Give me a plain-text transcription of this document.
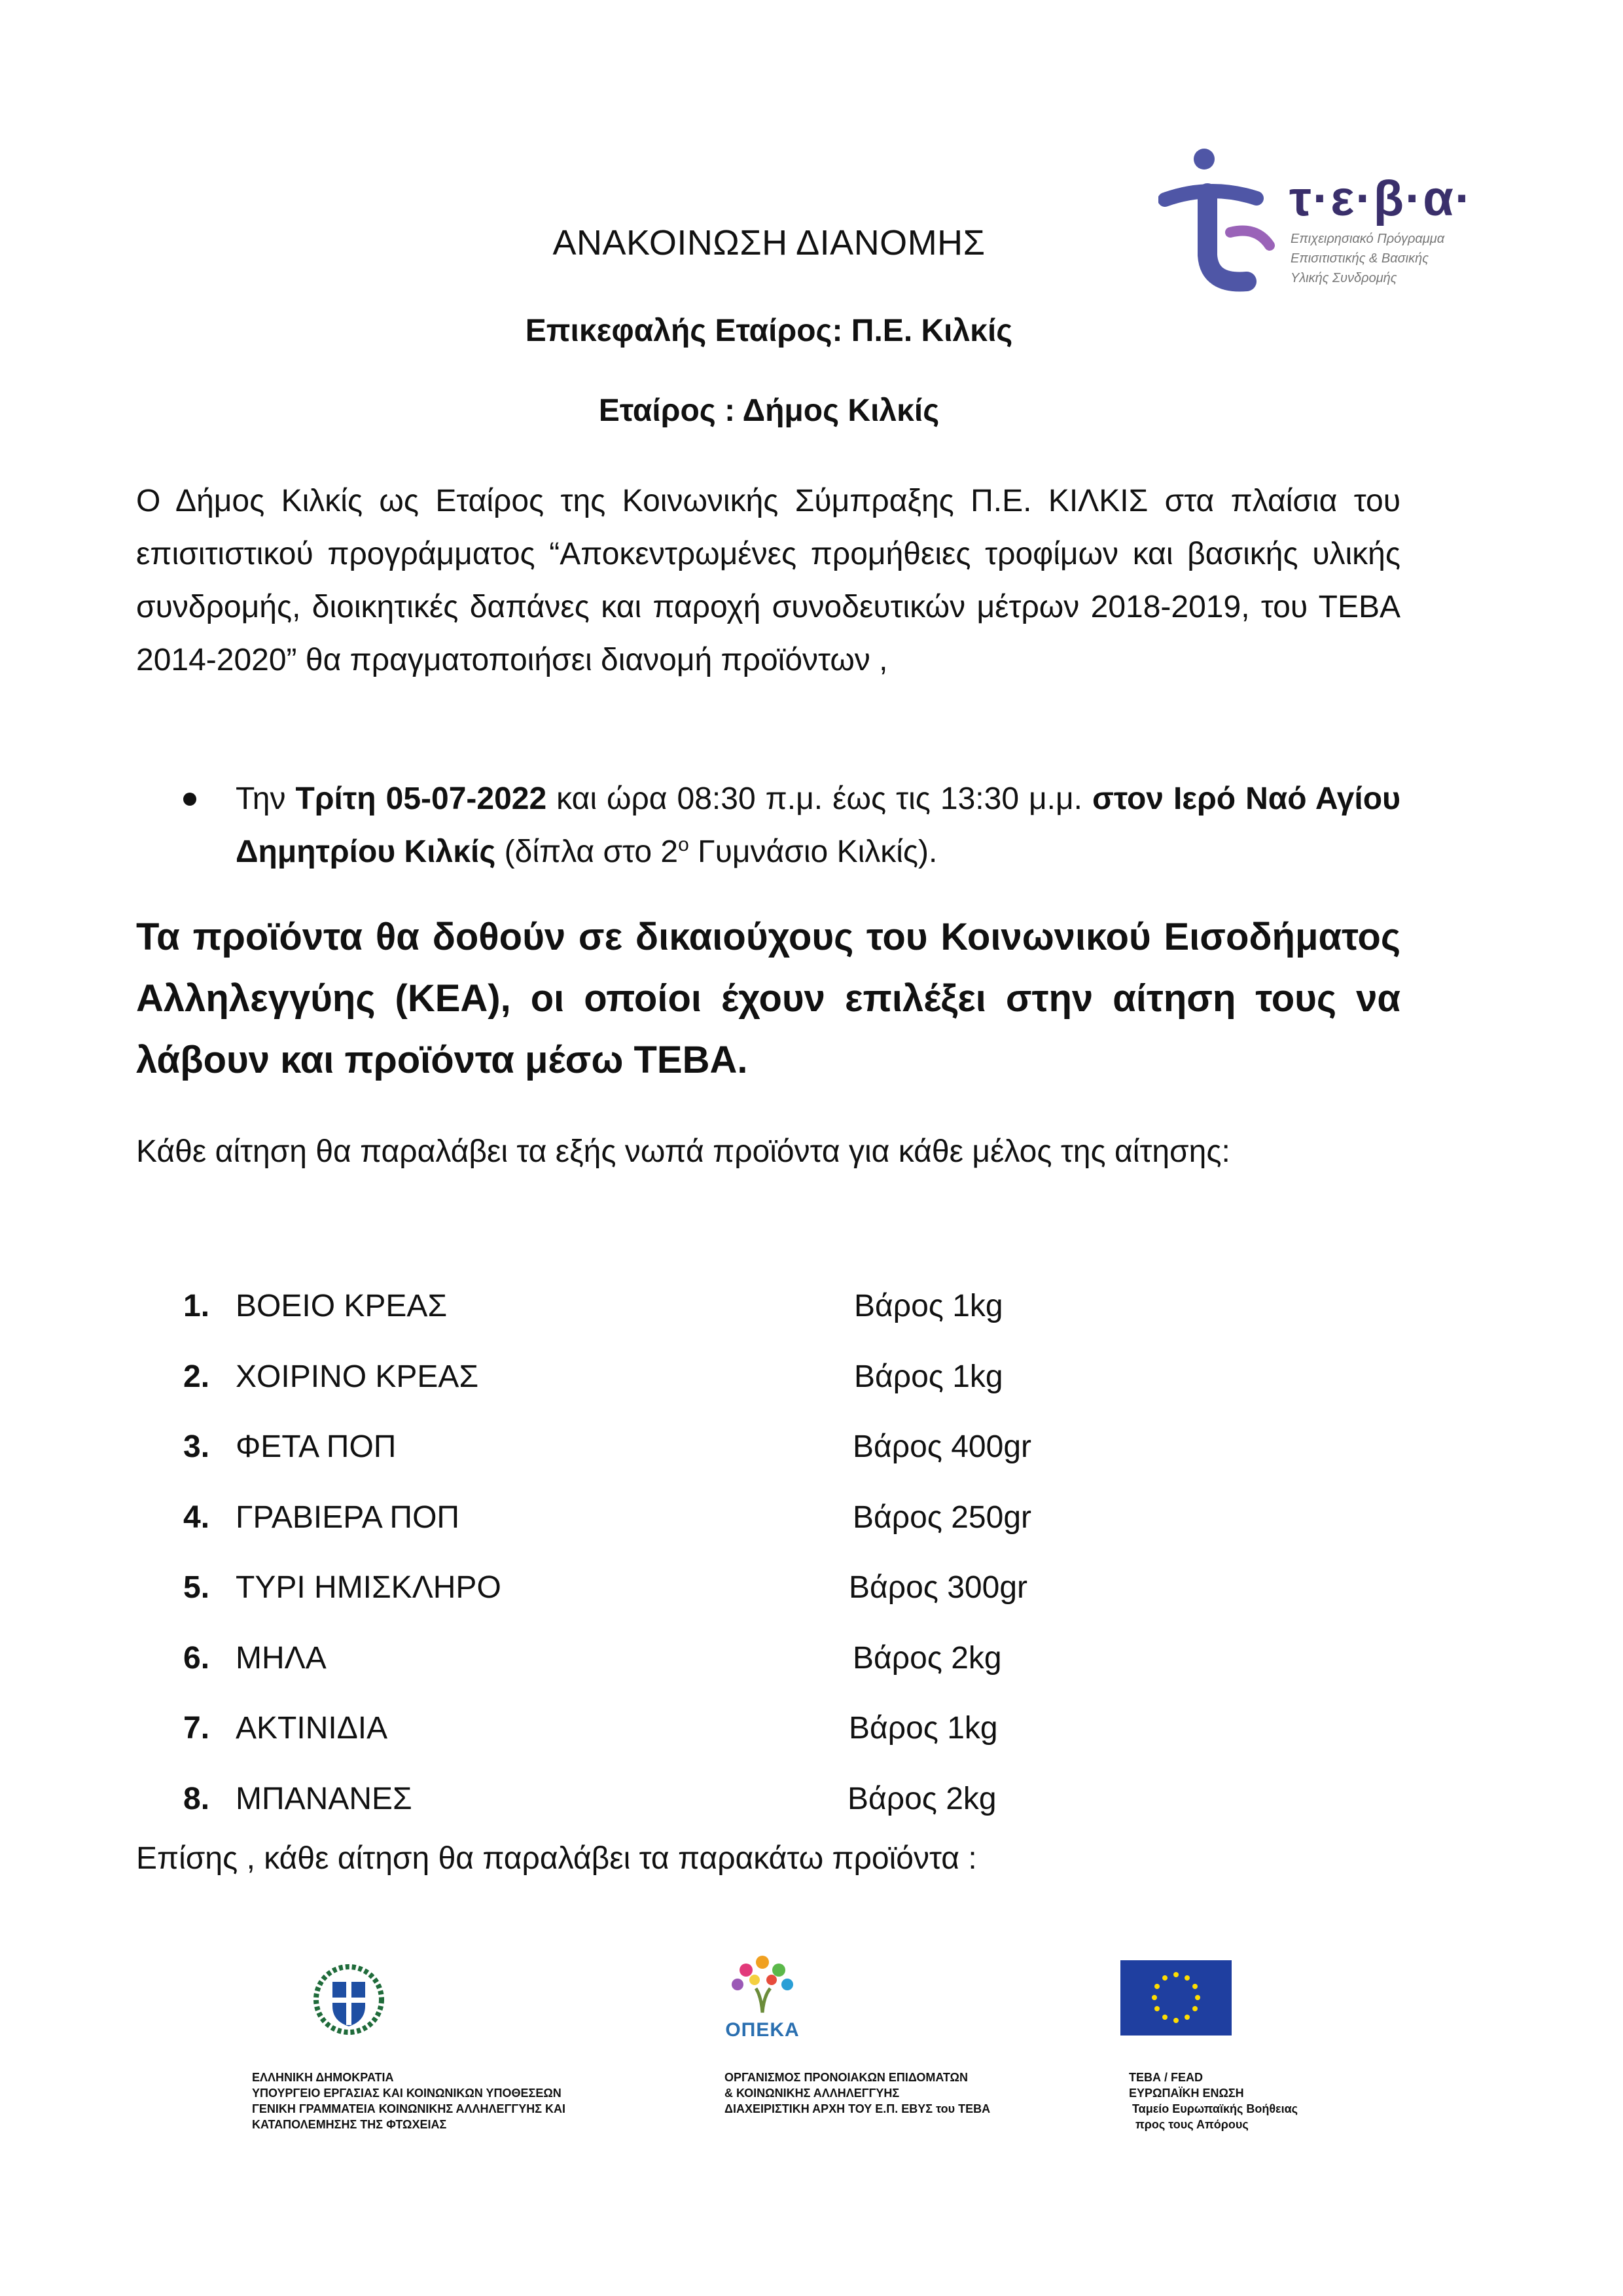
τ·ε·β·α·
Επιχειρησιακό Πρόγραμμα
Επισιτιστικής & Βασικής
Υλικής Συνδρομής
ΑΝΑΚΟΙΝΩΣΗ ΔΙΑΝΟΜΗΣ
Επικεφαλής Εταίρος: Π.Ε. Κιλκίς
Εταίρος : Δήμος Κιλκίς
Ο Δήμος Κιλκίς ως Εταίρος της Κοινωνικής Σύμπραξης Π.Ε. ΚΙΛΚΙΣ στα πλαίσια του επισιτιστικού προγράμματος “Αποκεντρωμένες προμήθειες τροφίμων και βασικής υλικής συνδρομής, διοικητικές δαπάνες και παροχή συνοδευτικών μέτρων 2018-2019, του ΤΕΒΑ 2014-2020” θα πραγματοποιήσει διανομή προϊόντων ,
Την Τρίτη 05-07-2022 και ώρα 08:30 π.μ. έως τις 13:30 μ.μ. στον Ιερό Ναό Αγίου Δημητρίου Κιλκίς (δίπλα στο $2^o$ Γυμνάσιο Κιλκίς).
Τα προϊόντα θα δοθούν σε δικαιούχους του Κοινωνικού Εισοδήματος Αλληλεγγύης (ΚΕΑ), οι οποίοι έχουν επιλέξει στην αίτηση τους να λάβουν και προϊόντα μέσω ΤΕΒΑ.
Κάθε αίτηση θα παραλάβει τα εξής νωπά προϊόντα για κάθε μέλος της αίτησης:
1. ΒΟΕΙΟ ΚΡΕΑΣ	Βάρος 1kg
2. ΧΟΙΡΙΝΟ ΚΡΕΑΣ	Βάρος 1kg
3. ΦΕΤΑ ΠΟΠ	Βάρος 400gr
4. ΓΡΑΒΙΕΡΑ ΠΟΠ	Βάρος 250gr
5. ΤΥΡΙ ΗΜΙΣΚΛΗΡΟ	Βάρος 300gr
6. ΜΗΛΑ	Βάρος 2kg
7. ΑΚΤΙΝΙΔΙΑ	Βάρος 1kg
8. ΜΠΑΝΑΝΕΣ	Βάρος 2kg
Επίσης , κάθε αίτηση θα παραλάβει τα παρακάτω προϊόντα :
ΟΠΕΚΑ
ΕΛΛΗΝΙΚΗ ΔΗΜΟΚΡΑΤΙΑ
ΥΠΟΥΡΓΕΙΟ ΕΡΓΑΣΙΑΣ ΚΑΙ ΚΟΙΝΩΝΙΚΩΝ ΥΠΟΘΕΣΕΩΝ
ΓΕΝΙΚΗ ΓΡΑΜΜΑΤΕΙΑ ΚΟΙΝΩΝΙΚΗΣ ΑΛΛΗΛΕΓΓΥΗΣ ΚΑΙ
ΚΑΤΑΠΟΛΕΜΗΣΗΣ ΤΗΣ ΦΤΩΧΕΙΑΣ
ΟΡΓΑΝΙΣΜΟΣ ΠΡΟΝΟΙΑΚΩΝ ΕΠΙΔΟΜΑΤΩΝ
& ΚΟΙΝΩΝΙΚΗΣ ΑΛΛΗΛΕΓΓΥΗΣ
ΔΙΑΧΕΙΡΙΣΤΙΚΗ ΑΡΧΗ ΤΟΥ Ε.Π. ΕΒΥΣ του ΤΕΒΑ
ΤΕΒΑ / FEAD
ΕΥΡΩΠΑΪΚΗ ΕΝΩΣΗ
Ταμείο Ευρωπαϊκής Βοήθειας
προς τους Απόρους
